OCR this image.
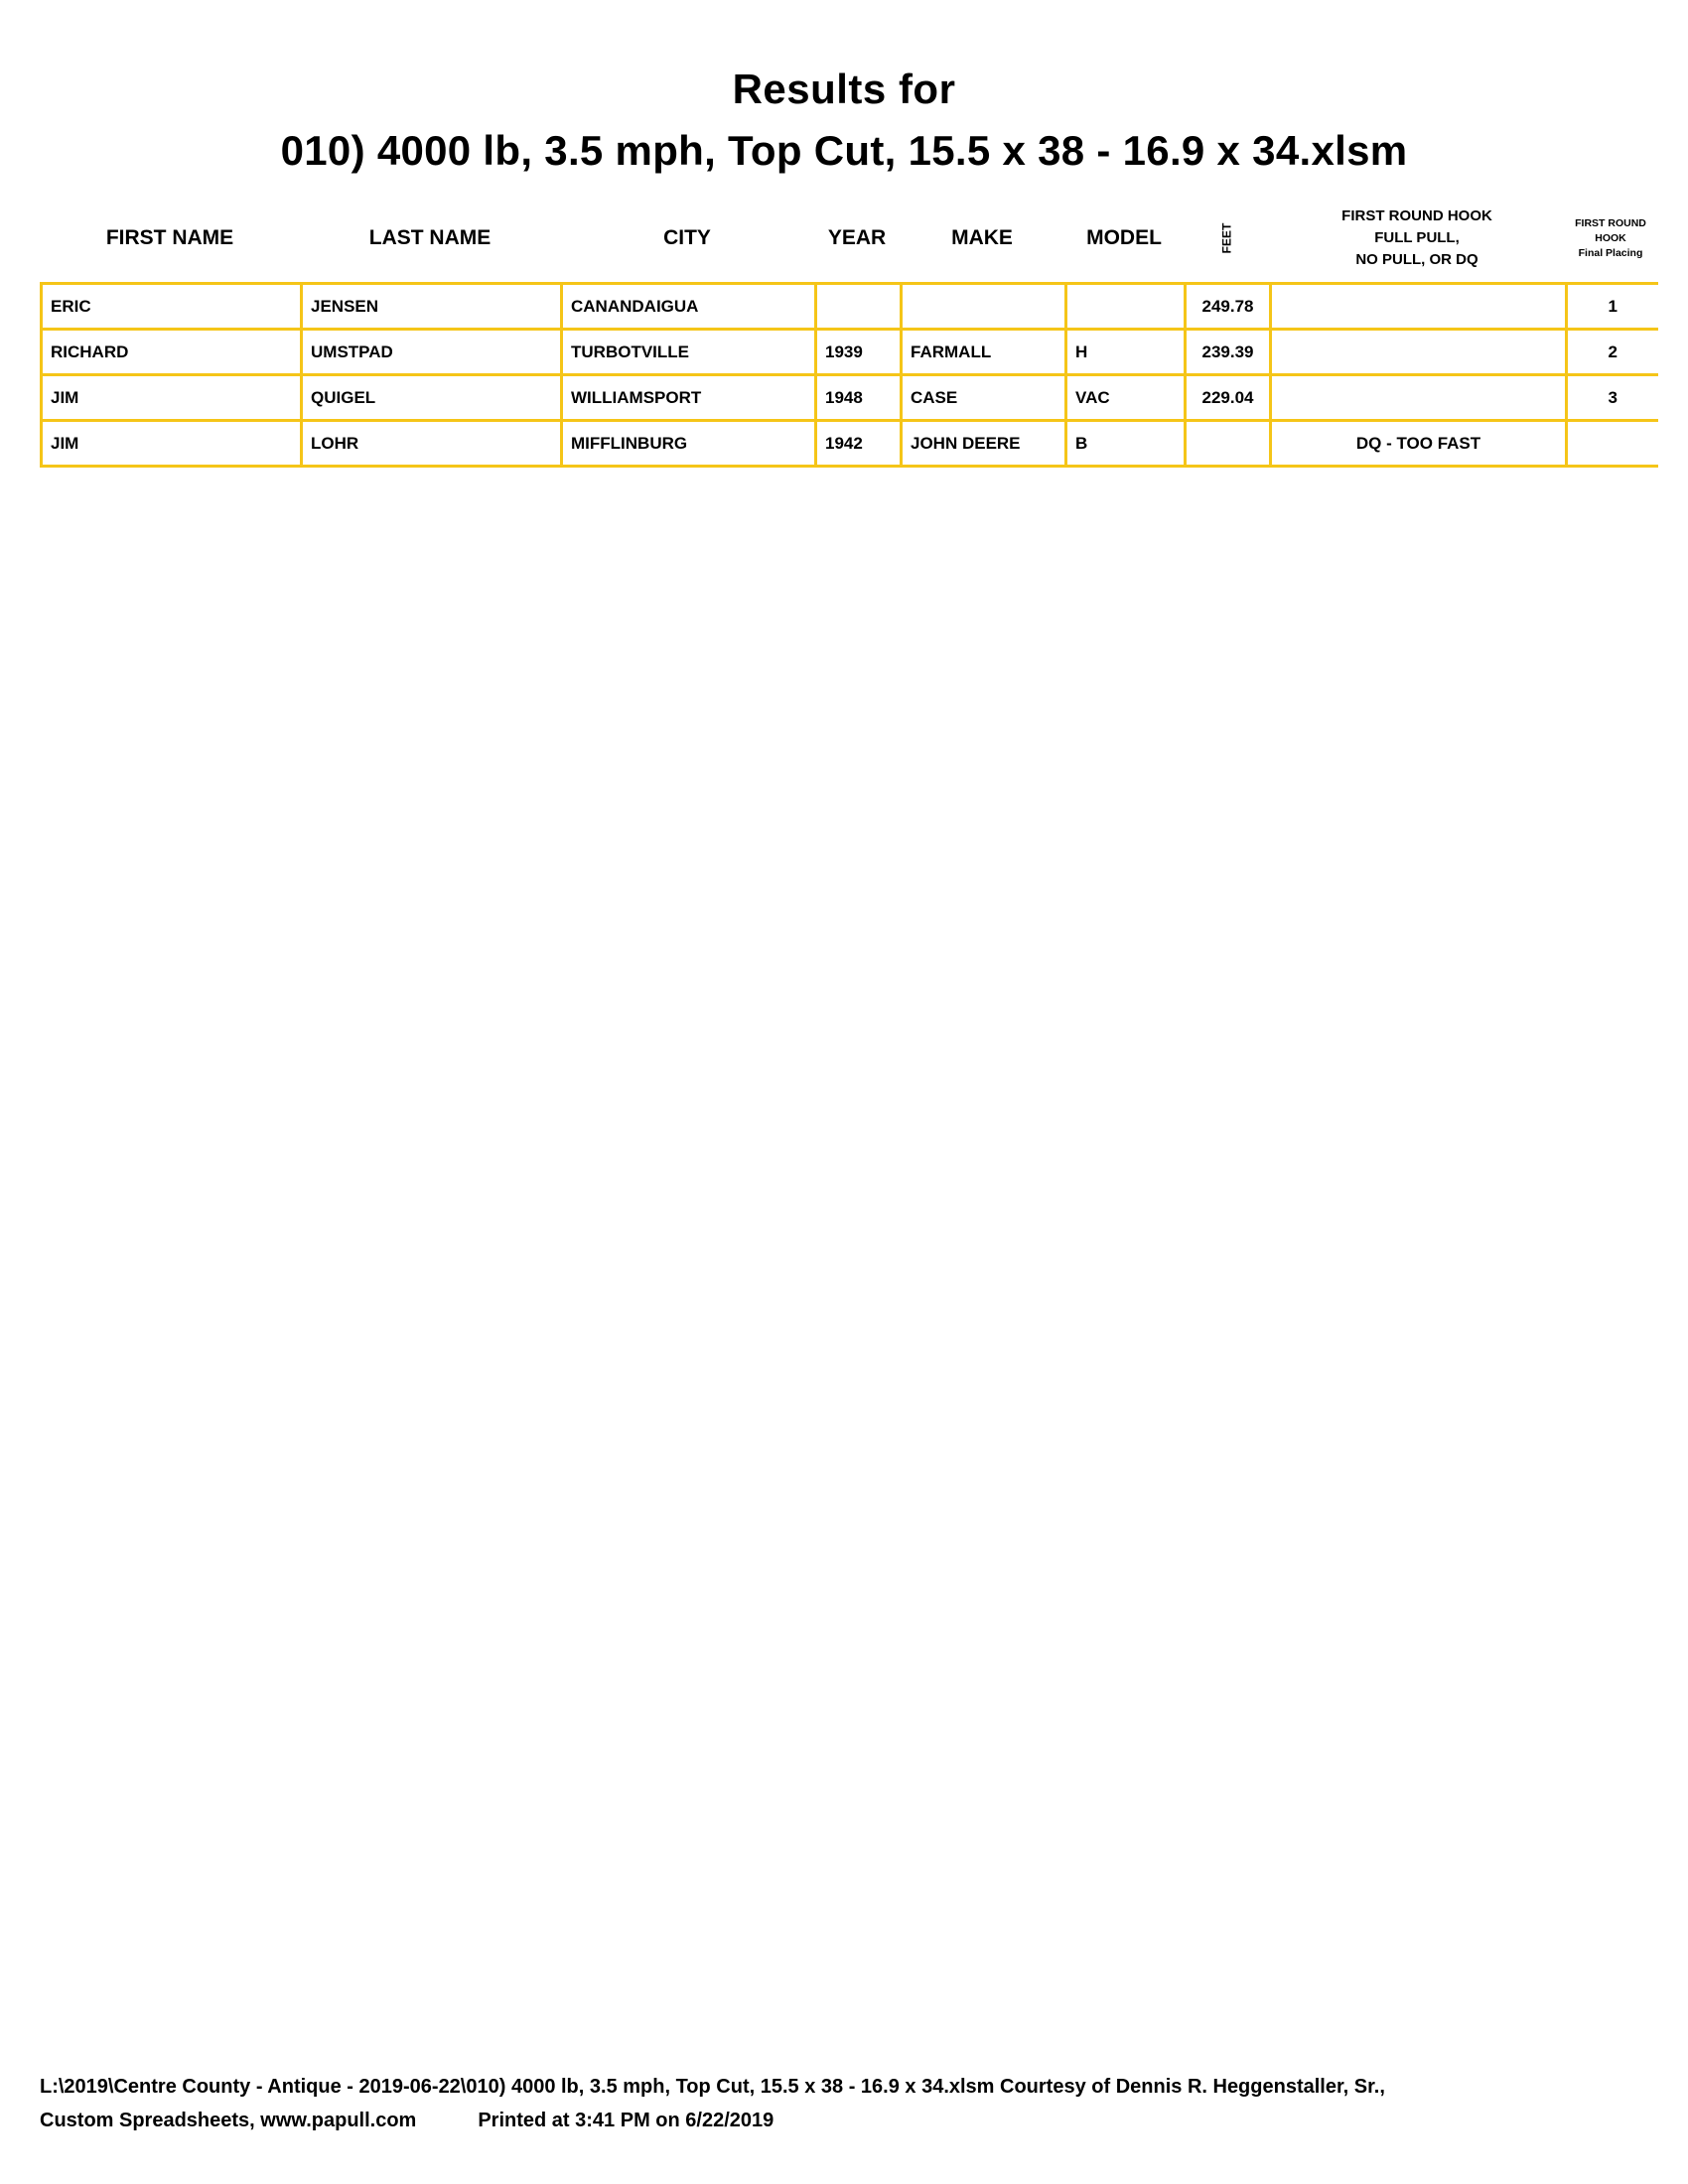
Results for
010) 4000 lb, 3.5 mph, Top Cut, 15.5 x 38 - 16.9 x 34.xlsm
FIRST NAME	LAST NAME	CITY	YEAR	MAKE	MODEL	FEET
FIRST ROUND HOOK
FULL PULL,
NO PULL, OR DQ
FIRST ROUND
HOOK
Final Placing
ERIC	JENSEN	CANANDAIGUA				249.78		1
RICHARD	UMSTPAD	TURBOTVILLE	1939	FARMALL	H	239.39		2
JIM	QUIGEL	WILLIAMSPORT	1948	CASE	VAC	229.04		3
JIM	LOHR	MIFFLINBURG	1942	JOHN DEERE	B		DQ - TOO FAST	
L:\2019\Centre County - Antique - 2019-06-22\010) 4000 lb, 3.5 mph, Top Cut, 15.5 x 38 - 16.9 x 34.xlsm Courtesy of Dennis R. Heggenstaller, Sr.,
Custom Spreadsheets, www.papull.com	Printed at 3:41 PM on 6/22/2019
